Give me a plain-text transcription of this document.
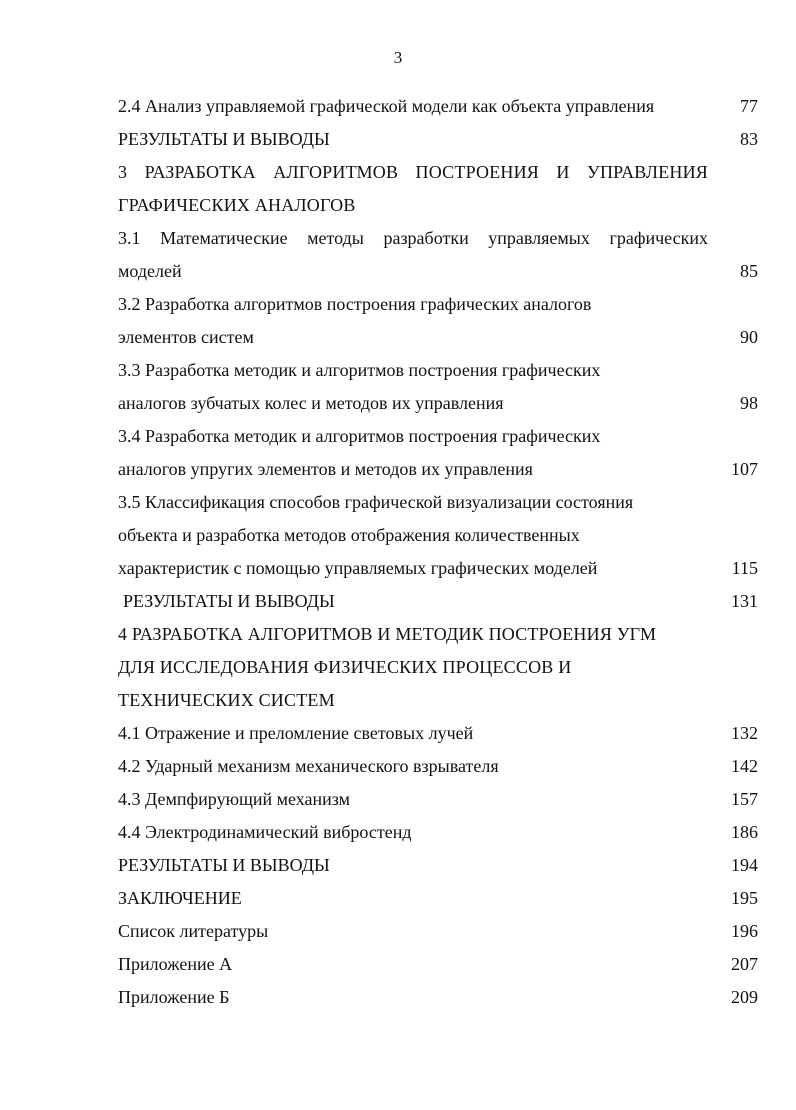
3
2.4 Анализ управляемой графической модели как объекта управления	77
РЕЗУЛЬТАТЫ И ВЫВОДЫ	83
3 РАЗРАБОТКА АЛГОРИТМОВ ПОСТРОЕНИЯ И УПРАВЛЕНИЯ
ГРАФИЧЕСКИХ АНАЛОГОВ
3.1 Математические методы разработки управляемых графических
моделей	85
3.2 Разработка алгоритмов построения графических аналогов
элементов систем	90
3.3 Разработка методик и алгоритмов построения графических
аналогов зубчатых колес и методов их управления	98
3.4 Разработка методик и алгоритмов построения графических
аналогов упругих элементов и методов их управления	107
3.5 Классификация способов графической визуализации состояния
объекта и разработка методов отображения количественных
характеристик с помощью управляемых графических моделей	115
РЕЗУЛЬТАТЫ И ВЫВОДЫ	131
4 РАЗРАБОТКА АЛГОРИТМОВ И МЕТОДИК ПОСТРОЕНИЯ УГМ
ДЛЯ ИССЛЕДОВАНИЯ ФИЗИЧЕСКИХ ПРОЦЕССОВ И
ТЕХНИЧЕСКИХ СИСТЕМ
4.1 Отражение и преломление световых лучей	132
4.2 Ударный механизм механического взрывателя	142
4.3 Демпфирующий механизм	157
4.4 Электродинамический вибростенд	186
РЕЗУЛЬТАТЫ И ВЫВОДЫ	194
ЗАКЛЮЧЕНИЕ	195
Список литературы	196
Приложение А	207
Приложение Б	209
